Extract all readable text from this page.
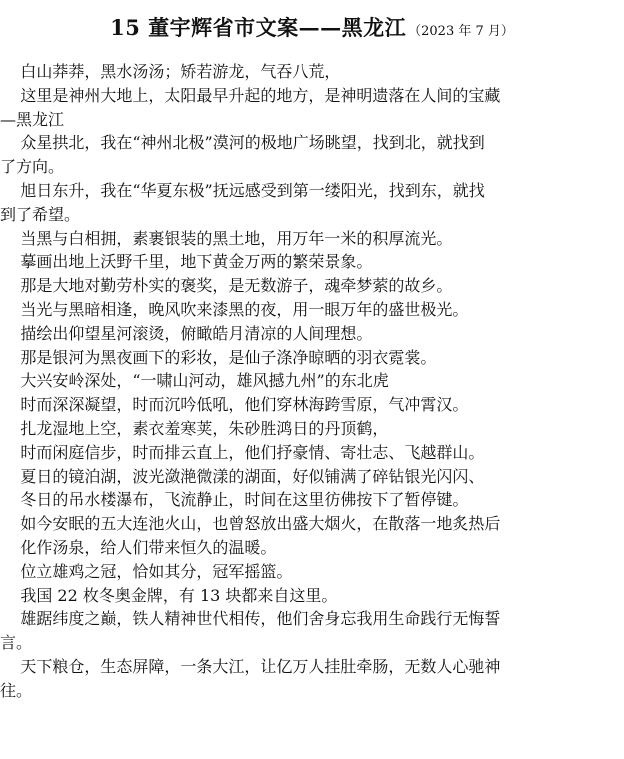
15 董宇辉省市文案——黑龙江 （2023 年 7 月）
白山莽莽，黑水汤汤；矫若游龙，气吞八荒，
这里是神州大地上，太阳最早升起的地方，是神明遗落在人间的宝藏
—黑龙江
众星拱北，我在“神州北极”漠河的极地广场眺望，找到北，就找到
了方向。
旭日东升，我在“华夏东极”抚远感受到第一缕阳光，找到东，就找
到了希望。
当黑与白相拥，素裹银装的黑土地，用万年一米的积厚流光。
摹画出地上沃野千里，地下黄金万两的繁荣景象。
那是大地对勤劳朴实的褒奖，是无数游子，魂牵梦萦的故乡。
当光与黑暗相逢，晚风吹来漆黑的夜，用一眼万年的盛世极光。
描绘出仰望星河滚烫，俯瞰皓月清凉的人间理想。
那是银河为黑夜画下的彩妆，是仙子涤净晾晒的羽衣霓裳。
大兴安岭深处，“一啸山河动，雄风撼九州”的东北虎
时而深深凝望，时而沉吟低吼，他们穿林海跨雪原，气冲霄汉。
扎龙湿地上空，素衣羞寒荚，朱砂胜鸿日的丹顶鹤，
时而闲庭信步，时而排云直上，他们抒豪情、寄壮志、飞越群山。
夏日的镜泊湖，波光潋滟微漾的湖面，好似铺满了碎钻银光闪闪、
冬日的吊水楼瀑布，飞流静止，时间在这里彷佛按下了暂停键。
如今安眠的五大连池火山，也曾怒放出盛大烟火，在散落一地炙热后
化作汤泉，给人们带来恒久的温暖。
位立雄鸡之冠，恰如其分，冠军摇篮。
我国 22 枚冬奥金牌，有 13 块都来自这里。
雄踞纬度之巅，铁人精神世代相传，他们舍身忘我用生命践行无悔誓
言。
天下粮仓，生态屏障，一条大江，让亿万人挂肚牵肠，无数人心驰神
往。
